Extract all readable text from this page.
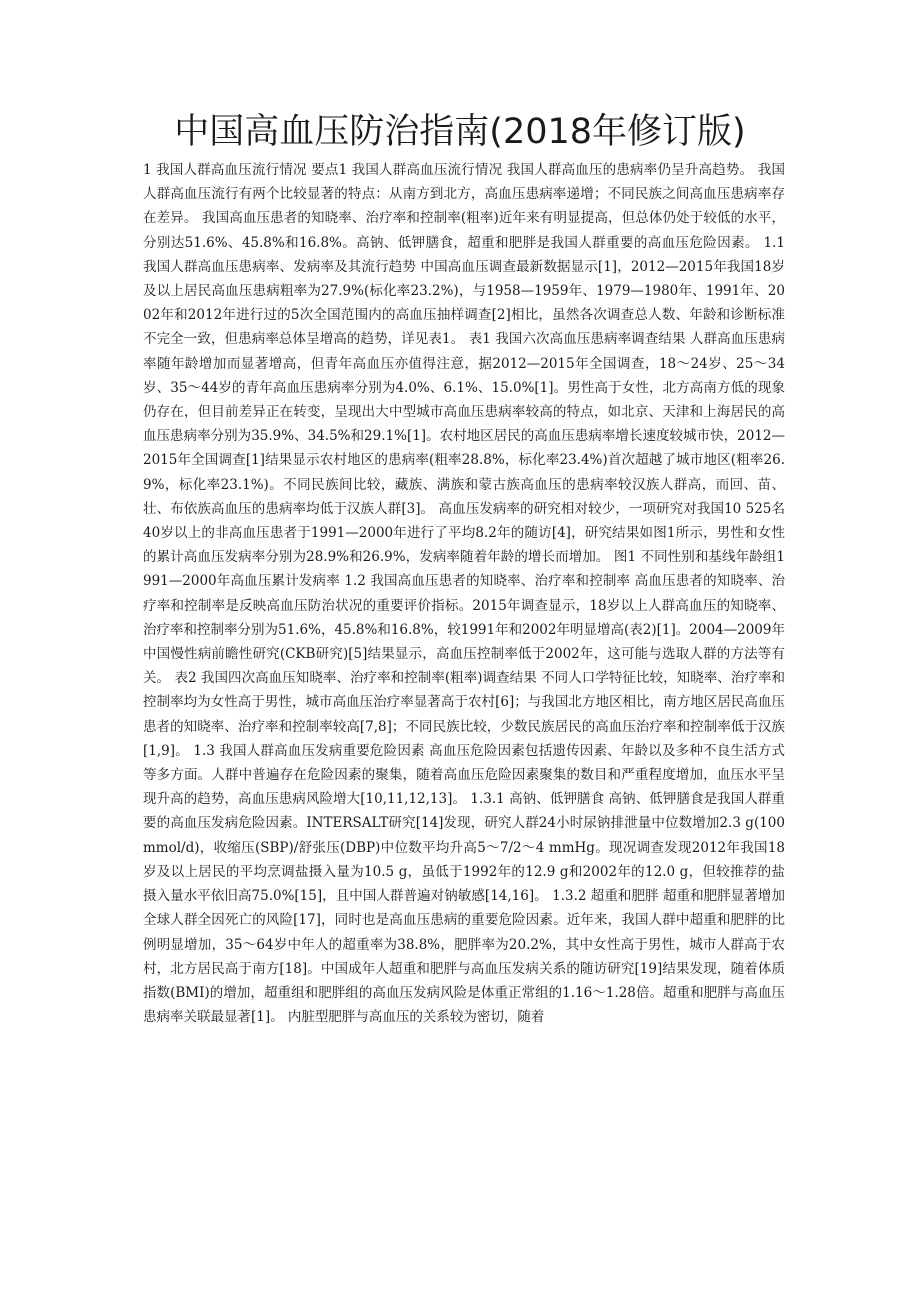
中国高血压防治指南(2018年修订版)

1 我国人群高血压流行情况 要点1 我国人群高血压流行情况 我国人群高血压的患病率仍呈升高趋势。 我国人群高血压流行有两个比较显著的特点：从南方到北方，高血压患病率递增；不同民族之间高血压患病率存在差异。 我国高血压患者的知晓率、治疗率和控制率(粗率)近年来有明显提高，但总体仍处于较低的水平，分别达51.6%、45.8%和16.8%。高钠、低钾膳食，超重和肥胖是我国人群重要的高血压危险因素。 1.1 我国人群高血压患病率、发病率及其流行趋势 中国高血压调查最新数据显示[1]，2012—2015年我国18岁及以上居民高血压患病粗率为27.9%(标化率23.2%)，与1958—1959年、1979—1980年、1991年、2002年和2012年进行过的5次全国范围内的高血压抽样调查[2]相比，虽然各次调查总人数、年龄和诊断标准不完全一致，但患病率总体呈增高的趋势，详见表1。 表1 我国六次高血压患病率调查结果 人群高血压患病率随年龄增加而显著增高，但青年高血压亦值得注意，据2012—2015年全国调查，18～24岁、25～34岁、35～44岁的青年高血压患病率分别为4.0%、6.1%、15.0%[1]。男性高于女性，北方高南方低的现象仍存在，但目前差异正在转变，呈现出大中型城市高血压患病率较高的特点，如北京、天津和上海居民的高血压患病率分别为35.9%、34.5%和29.1%[1]。农村地区居民的高血压患病率增长速度较城市快，2012—2015年全国调查[1]结果显示农村地区的患病率(粗率28.8%，标化率23.4%)首次超越了城市地区(粗率26.9%，标化率23.1%)。不同民族间比较，藏族、满族和蒙古族高血压的患病率较汉族人群高，而回、苗、壮、布依族高血压的患病率均低于汉族人群[3]。 高血压发病率的研究相对较少，一项研究对我国10 525名40岁以上的非高血压患者于1991—2000年进行了平均8.2年的随访[4]，研究结果如图1所示，男性和女性的累计高血压发病率分别为28.9%和26.9%，发病率随着年龄的增长而增加。 图1 不同性别和基线年龄组1991—2000年高血压累计发病率 1.2 我国高血压患者的知晓率、治疗率和控制率 高血压患者的知晓率、治疗率和控制率是反映高血压防治状况的重要评价指标。2015年调查显示，18岁以上人群高血压的知晓率、治疗率和控制率分别为51.6%，45.8%和16.8%，较1991年和2002年明显增高(表2)[1]。2004—2009年中国慢性病前瞻性研究(CKB研究)[5]结果显示，高血压控制率低于2002年，这可能与选取人群的方法等有关。 表2 我国四次高血压知晓率、治疗率和控制率(粗率)调查结果 不同人口学特征比较，知晓率、治疗率和控制率均为女性高于男性，城市高血压治疗率显著高于农村[6]；与我国北方地区相比，南方地区居民高血压患者的知晓率、治疗率和控制率较高[7,8]；不同民族比较，少数民族居民的高血压治疗率和控制率低于汉族[1,9]。 1.3 我国人群高血压发病重要危险因素 高血压危险因素包括遗传因素、年龄以及多种不良生活方式等多方面。人群中普遍存在危险因素的聚集，随着高血压危险因素聚集的数目和严重程度增加，血压水平呈现升高的趋势，高血压患病风险增大[10,11,12,13]。 1.3.1 高钠、低钾膳食 高钠、低钾膳食是我国人群重要的高血压发病危险因素。INTERSALT研究[14]发现，研究人群24小时尿钠排泄量中位数增加2.3 g(100 mmol/d)，收缩压(SBP)/舒张压(DBP)中位数平均升高5～7/2～4 mmHg。现况调查发现2012年我国18岁及以上居民的平均烹调盐摄入量为10.5 g，虽低于1992年的12.9 g和2002年的12.0 g，但较推荐的盐摄入量水平依旧高75.0%[15]，且中国人群普遍对钠敏感[14,16]。 1.3.2 超重和肥胖 超重和肥胖显著增加全球人群全因死亡的风险[17]，同时也是高血压患病的重要危险因素。近年来，我国人群中超重和肥胖的比例明显增加，35～64岁中年人的超重率为38.8%，肥胖率为20.2%，其中女性高于男性，城市人群高于农村，北方居民高于南方[18]。中国成年人超重和肥胖与高血压发病关系的随访研究[19]结果发现，随着体质指数(BMI)的增加，超重组和肥胖组的高血压发病风险是体重正常组的1.16～1.28倍。超重和肥胖与高血压患病率关联最显著[1]。 内脏型肥胖与高血压的关系较为密切，随着
